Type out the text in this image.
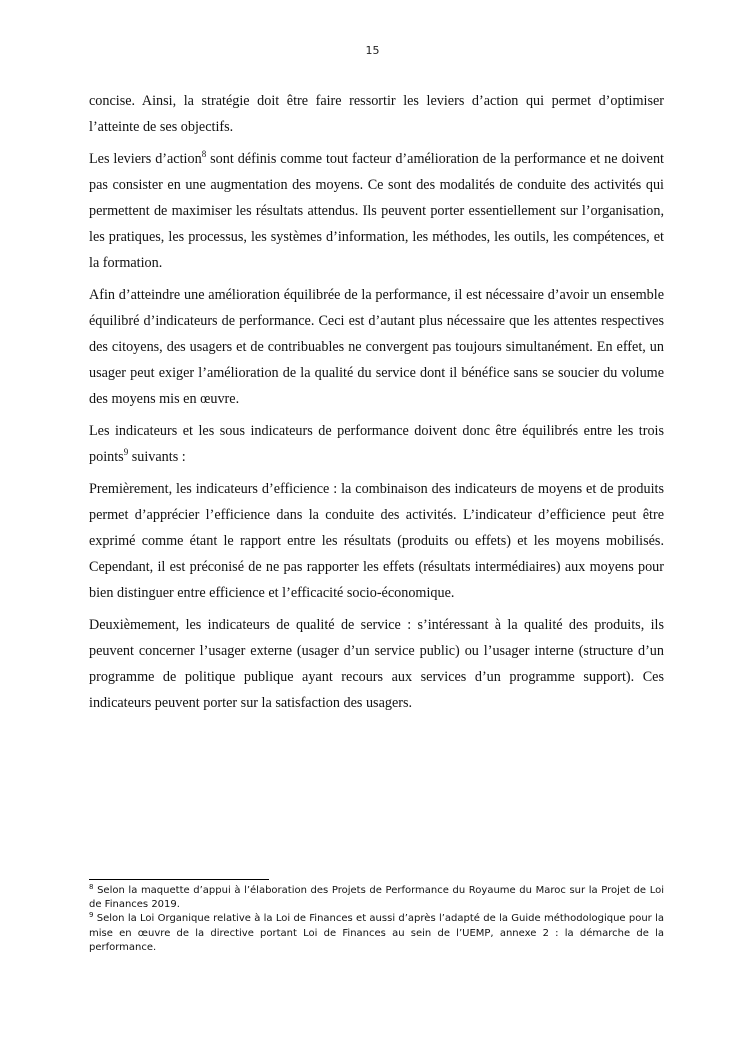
15

concise. Ainsi, la stratégie doit être faire ressortir les leviers d’action qui permet d’optimiser l’atteinte de ses objectifs.

Les leviers d’action$^8$ sont définis comme tout facteur d’amélioration de la performance et ne doivent pas consister en une augmentation des moyens. Ce sont des modalités de conduite des activités qui permettent de maximiser les résultats attendus. Ils peuvent porter essentiellement sur l’organisation, les pratiques, les processus, les systèmes d’information, les méthodes, les outils, les compétences, et la formation.

Afin d’atteindre une amélioration équilibrée de la performance, il est nécessaire d’avoir un ensemble équilibré d’indicateurs de performance. Ceci est d’autant plus nécessaire que les attentes respectives des citoyens, des usagers et de contribuables ne convergent pas toujours simultanément. En effet, un usager peut exiger l’amélioration de la qualité du service dont il bénéfice sans se soucier du volume des moyens mis en œuvre.

Les indicateurs et les sous indicateurs de performance doivent donc être équilibrés entre les trois points$^9$ suivants :

Premièrement, les indicateurs d’efficience : la combinaison des indicateurs de moyens et de produits permet d’apprécier l’efficience dans la conduite des activités. L’indicateur d’efficience peut être exprimé comme étant le rapport entre les résultats (produits ou effets) et les moyens mobilisés. Cependant, il est préconisé de ne pas rapporter les effets (résultats intermédiaires) aux moyens pour bien distinguer entre efficience et l’efficacité socio-économique.

Deuxièmement, les indicateurs de qualité de service : s’intéressant à la qualité des produits, ils peuvent concerner l’usager externe (usager d’un service public) ou l’usager interne (structure d’un programme de politique publique ayant recours aux services d’un programme support). Ces indicateurs peuvent porter sur la satisfaction des usagers.

$^8$ Selon la maquette d’appui à l’élaboration des Projets de Performance du Royaume du Maroc sur la Projet de Loi de Finances 2019.

$^9$ Selon la Loi Organique relative à la Loi de Finances et aussi d’après l’adapté de la Guide méthodologique pour la mise en œuvre de la directive portant Loi de Finances au sein de l’UEMP, annexe 2 : la démarche de la performance.
